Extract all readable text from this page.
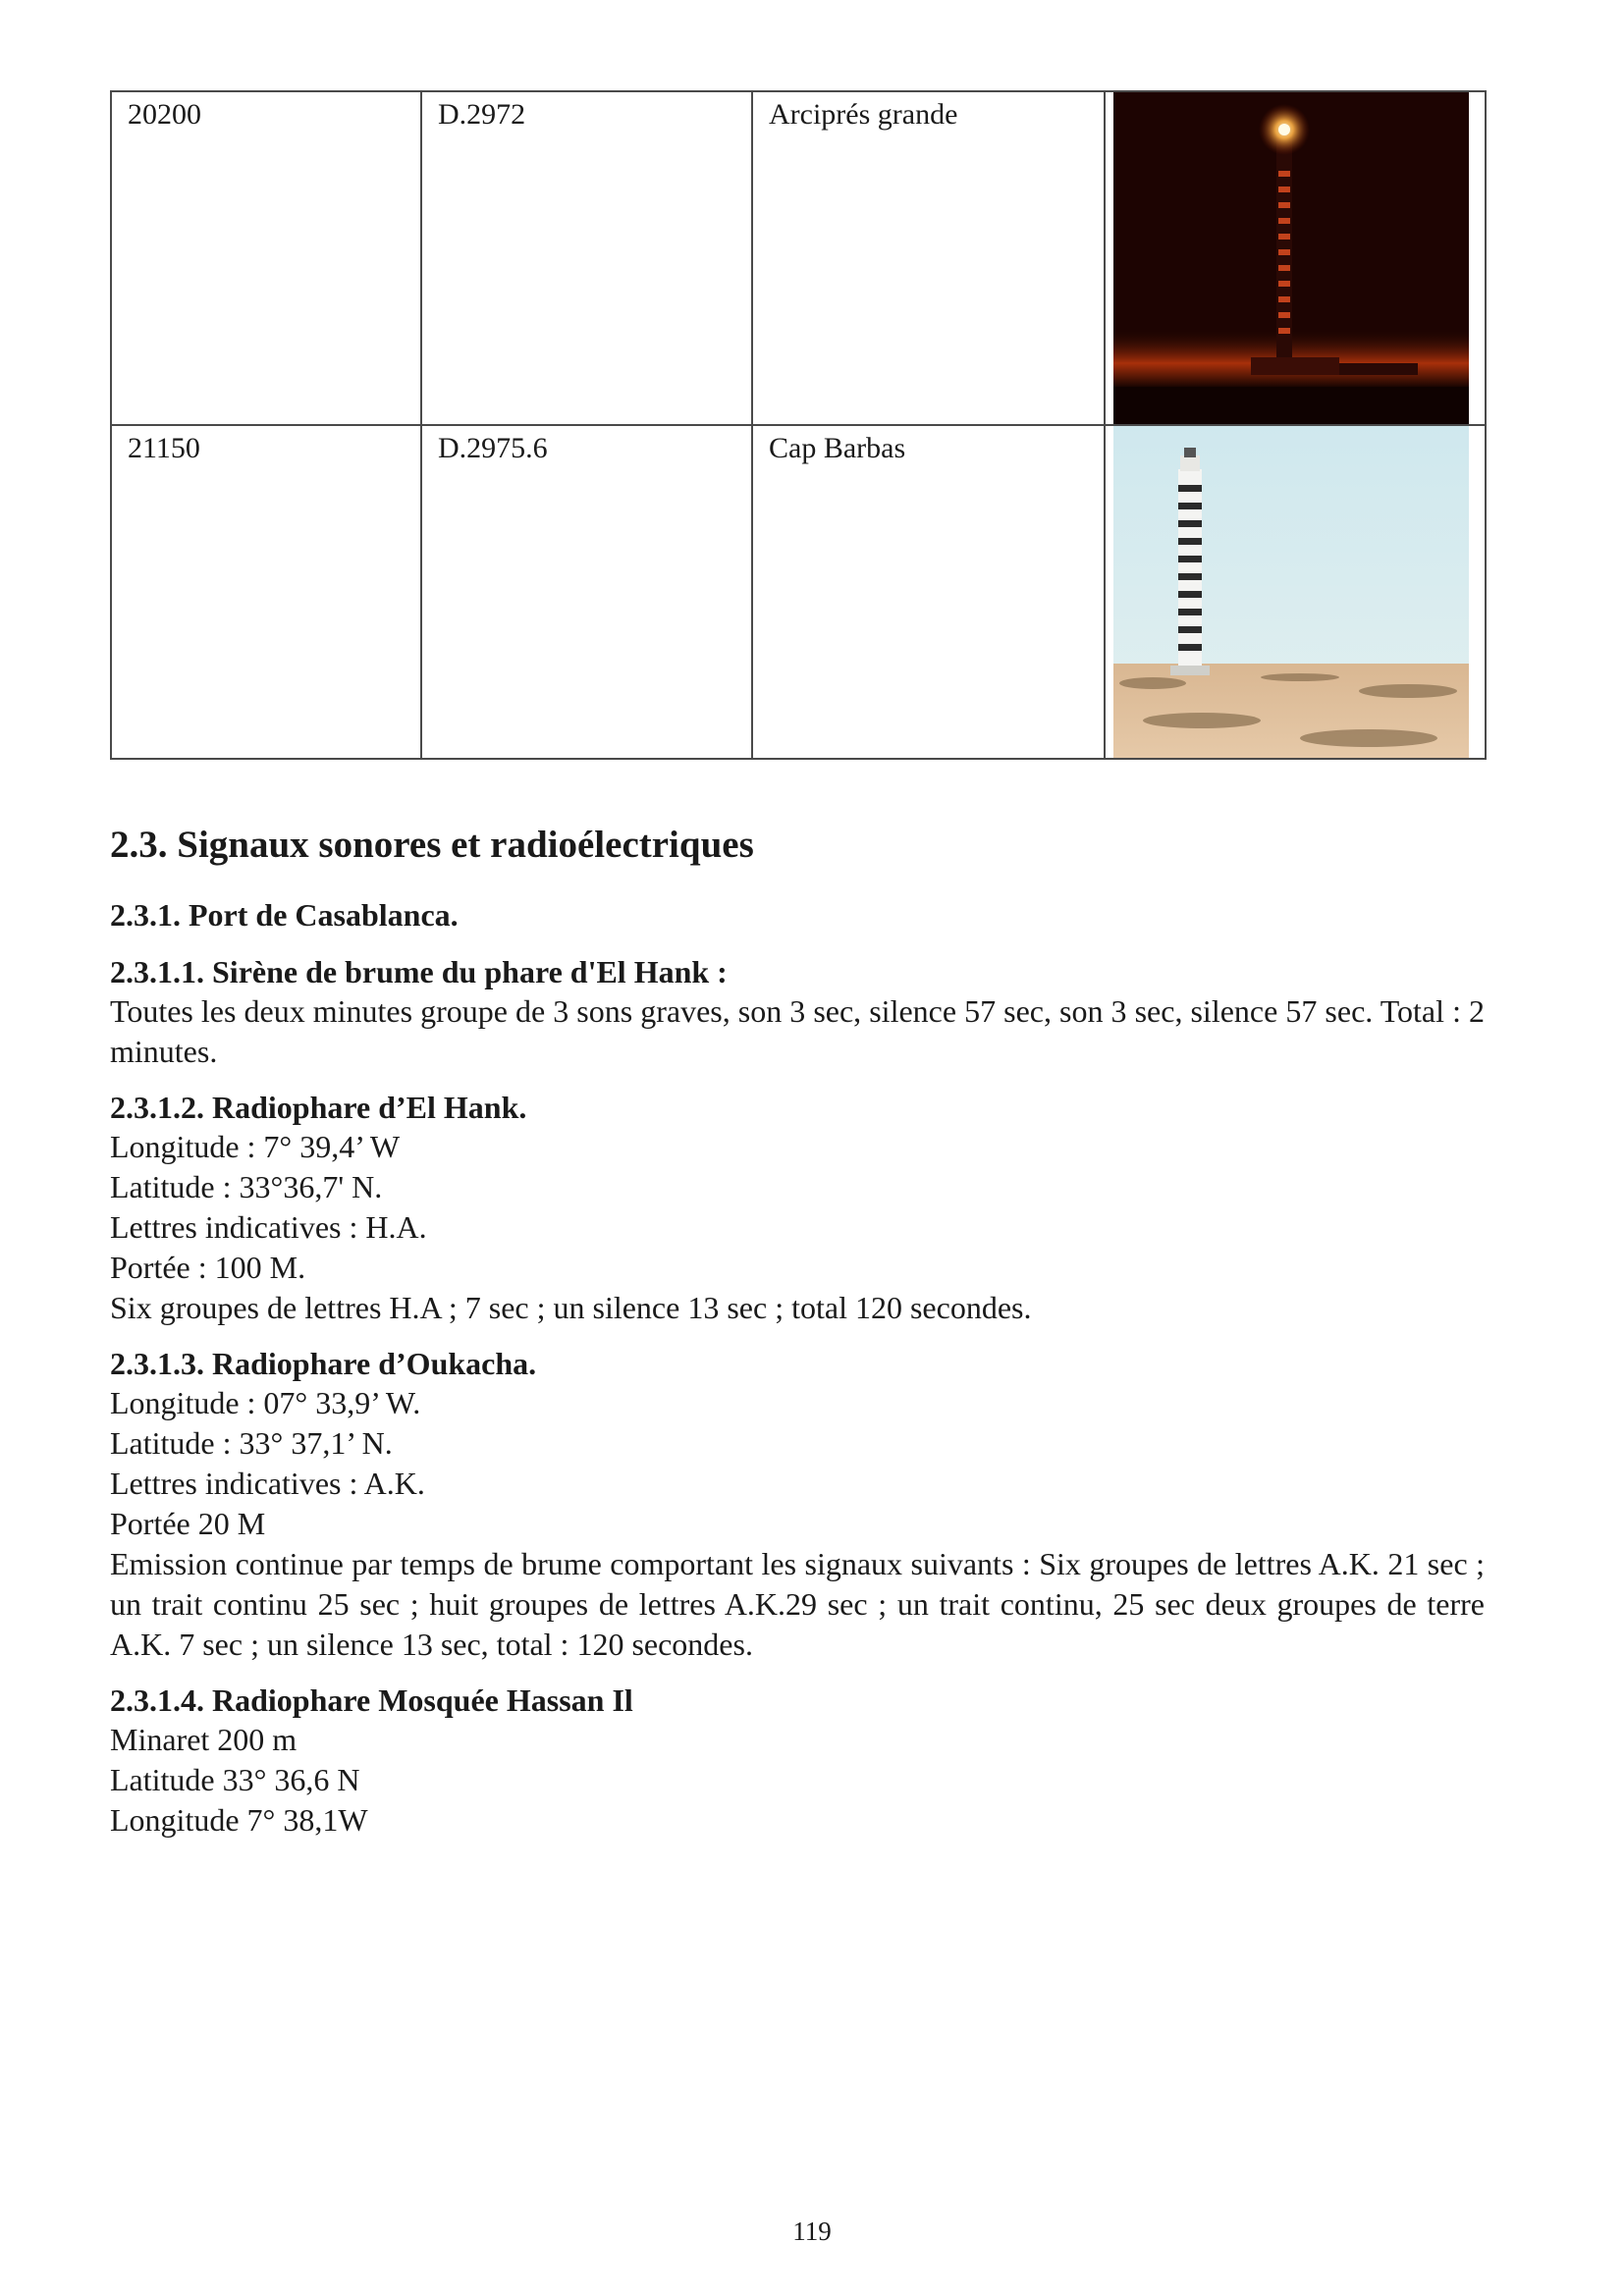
20200	D.2972	Arciprés grande

21150	D.2975.6	Cap Barbas

2.3. Signaux sonores et radioélectriques
2.3.1. Port de Casablanca.
2.3.1.1. Sirène de brume du phare d'El Hank :
Toutes les deux minutes groupe de 3 sons graves, son 3 sec, silence 57 sec, son 3 sec, silence 57 sec. Total : 2 minutes.
2.3.1.2. Radiophare d’El Hank.
Longitude : 7° 39,4’ W
Latitude : 33°36,7' N.
Lettres indicatives : H.A.
Portée : 100 M.
Six groupes de lettres H.A ; 7 sec ; un silence 13 sec ; total 120 secondes.
2.3.1.3. Radiophare d’Oukacha.
Longitude : 07° 33,9’ W.
Latitude : 33° 37,1’ N.
Lettres indicatives : A.K.
Portée 20 M
Emission continue par temps de brume comportant les signaux suivants : Six groupes de lettres A.K. 21 sec ; un trait continu 25 sec ; huit groupes de lettres A.K.29 sec ; un trait continu, 25 sec deux groupes de terre A.K. 7 sec ; un silence 13 sec, total : 120 secondes.
2.3.1.4. Radiophare Mosquée Hassan Il
Minaret 200 m
Latitude 33° 36,6 N
Longitude 7° 38,1W
119
